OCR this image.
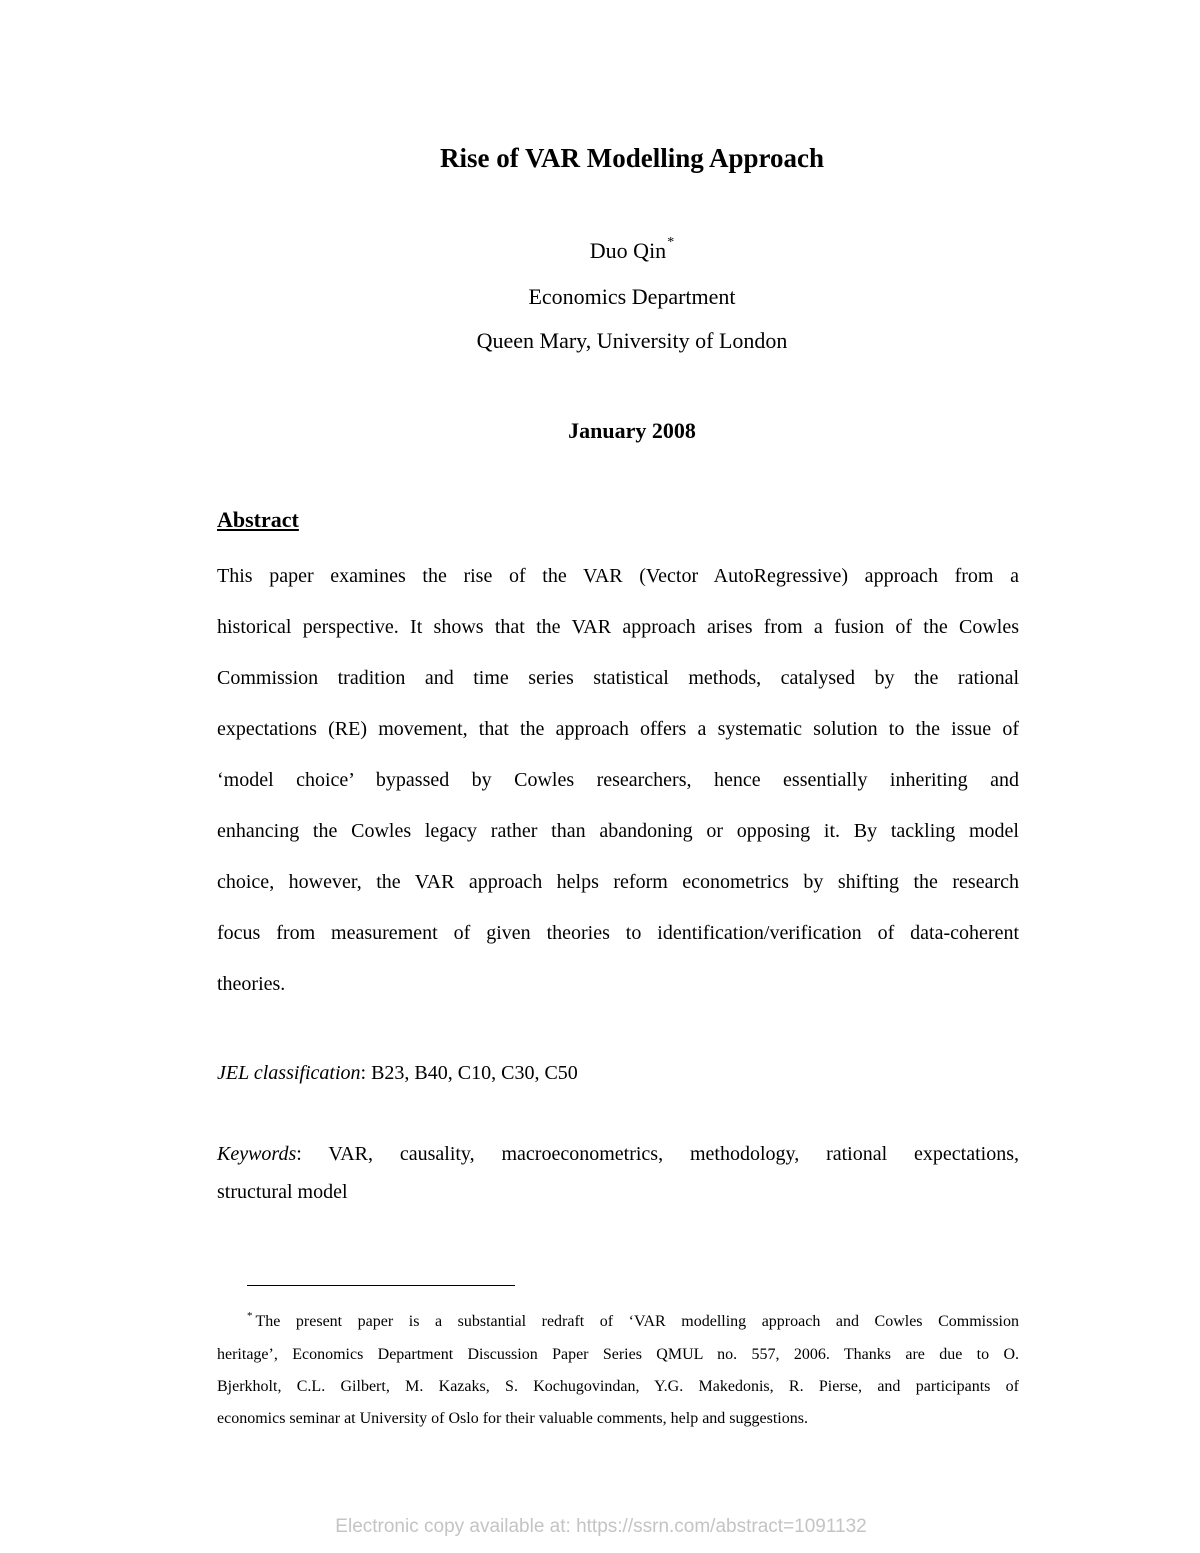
Rise of VAR Modelling Approach
Duo Qin*
Economics Department
Queen Mary, University of London
January 2008
Abstract
This paper examines the rise of the VAR (Vector AutoRegressive) approach from a
historical perspective. It shows that the VAR approach arises from a fusion of the Cowles
Commission tradition and time series statistical methods, catalysed by the rational
expectations (RE) movement, that the approach offers a systematic solution to the issue of
‘model choice’ bypassed by Cowles researchers, hence essentially inheriting and
enhancing the Cowles legacy rather than abandoning or opposing it. By tackling model
choice, however, the VAR approach helps reform econometrics by shifting the research
focus from measurement of given theories to identification/verification of data-coherent
theories.
JEL classification: B23, B40, C10, C30, C50
Keywords: VAR, causality, macroeconometrics, methodology, rational expectations,
structural model
* The present paper is a substantial redraft of ‘VAR modelling approach and Cowles Commission
heritage’, Economics Department Discussion Paper Series QMUL no. 557, 2006. Thanks are due to O.
Bjerkholt, C.L. Gilbert, M. Kazaks, S. Kochugovindan, Y.G. Makedonis, R. Pierse, and participants of
economics seminar at University of Oslo for their valuable comments, help and suggestions.
Electronic copy available at: https://ssrn.com/abstract=1091132
